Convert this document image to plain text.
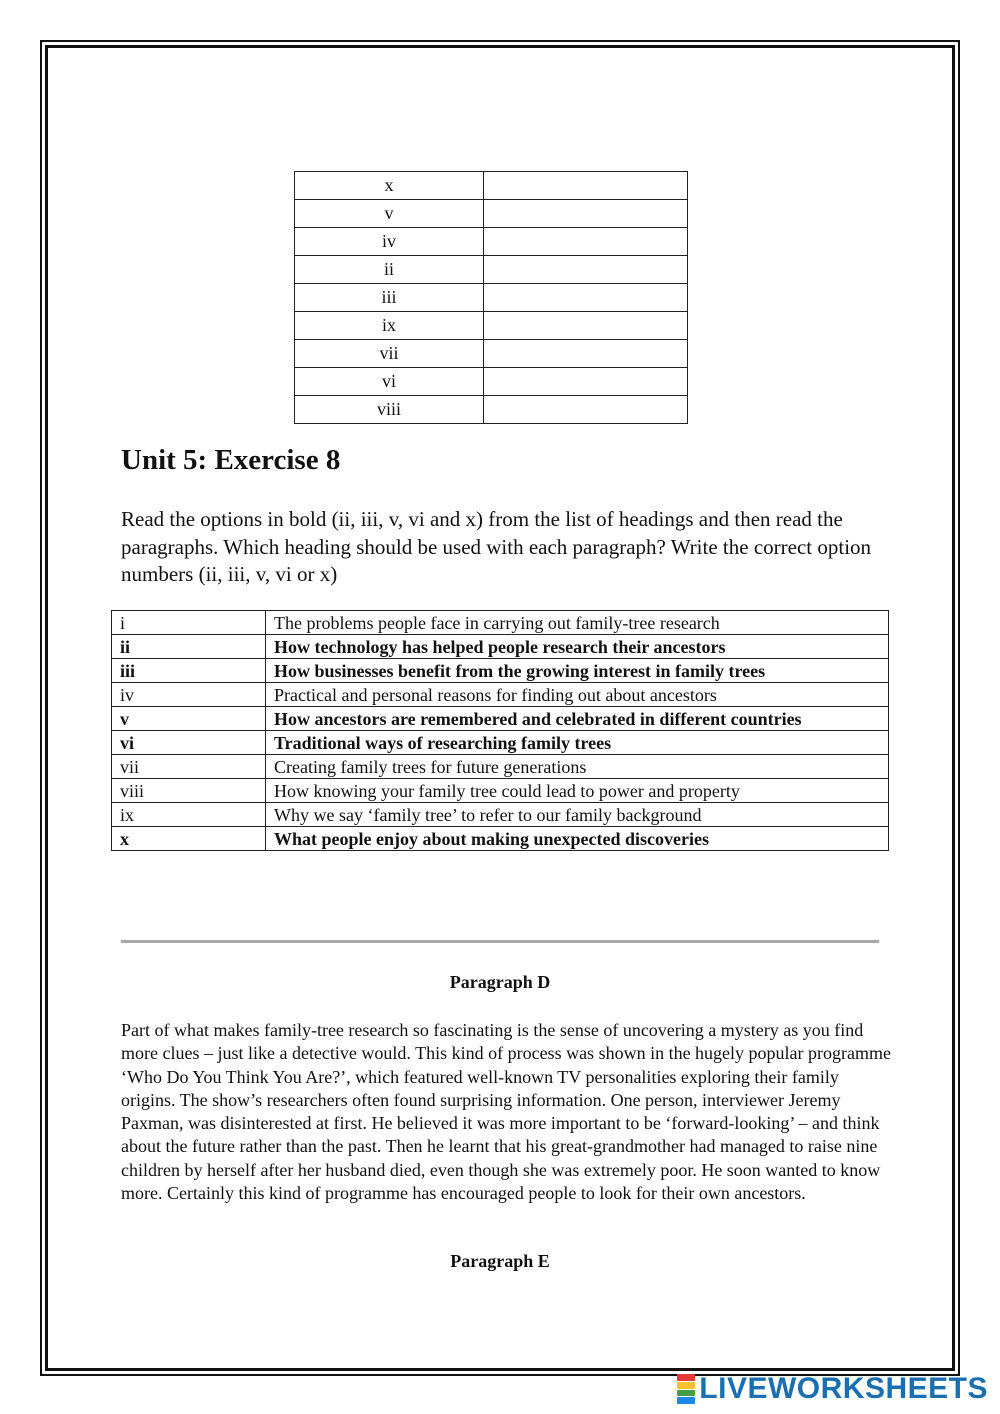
x	
v	
iv	
ii	
iii	
ix	
vii	
vi	
viii	
Unit 5: Exercise 8

Read the options in bold (ii, iii, v, vi and x) from the list of headings and then read the paragraphs. Which heading should be used with each paragraph? Write the correct option numbers (ii, iii, v, vi or x)

i	The problems people face in carrying out family-tree research
ii	How technology has helped people research their ancestors
iii	How businesses benefit from the growing interest in family trees
iv	Practical and personal reasons for finding out about ancestors
v	How ancestors are remembered and celebrated in different countries
vi	Traditional ways of researching family trees
vii	Creating family trees for future generations
viii	How knowing your family tree could lead to power and property
ix	Why we say ‘family tree’ to refer to our family background
x	What people enjoy about making unexpected discoveries
Paragraph D

Part of what makes family-tree research so fascinating is the sense of uncovering a mystery as you find more clues – just like a detective would. This kind of process was shown in the hugely popular programme ‘Who Do You Think You Are?’, which featured well-known TV personalities exploring their family origins. The show’s researchers often found surprising information. One person, interviewer Jeremy Paxman, was disinterested at first. He believed it was more important to be ‘forward-looking’ – and think about the future rather than the past. Then he learnt that his great-grandmother had managed to raise nine children by herself after her husband died, even though she was extremely poor. He soon wanted to know more. Certainly this kind of programme has encouraged people to look for their own ancestors.

Paragraph E
LIVEWORKSHEETS
